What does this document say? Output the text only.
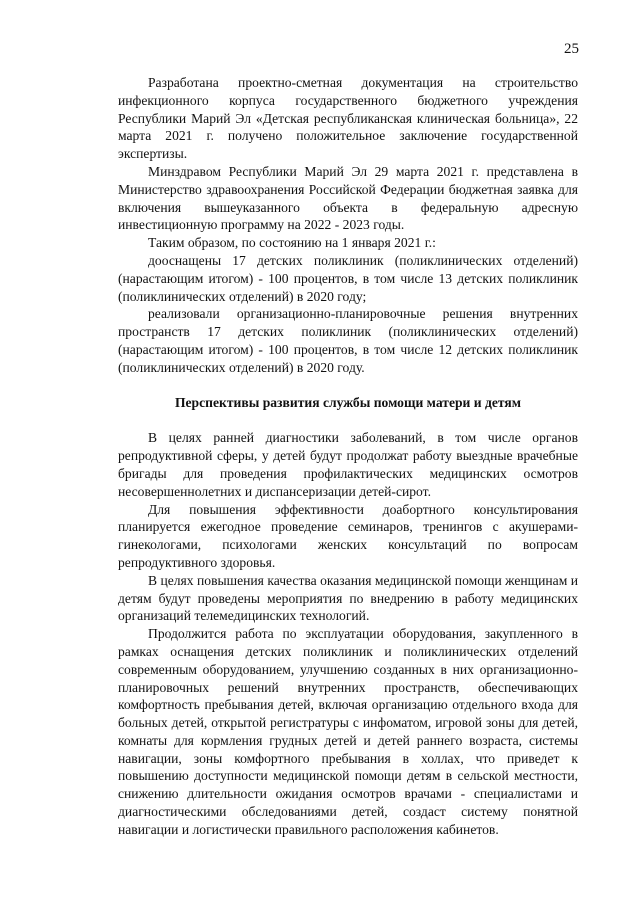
25

Разработана проектно-сметная документация на строительство инфекционного корпуса государственного бюджетного учреждения Республики Марий Эл «Детская республиканская клиническая больница», 22 марта 2021 г. получено положительное заключение государственной экспертизы.

Минздравом Республики Марий Эл 29 марта 2021 г. представлена в Министерство здравоохранения Российской Федерации бюджетная заявка для включения вышеуказанного объекта в федеральную адресную инвестиционную программу на 2022 - 2023 годы.

Таким образом, по состоянию на 1 января 2021 г.:

дооснащены 17 детских поликлиник (поликлинических отделений) (нарастающим итогом) - 100 процентов, в том числе 13 детских поликлиник (поликлинических отделений) в 2020 году;

реализовали организационно-планировочные решения внутренних пространств 17 детских поликлиник (поликлинических отделений) (нарастающим итогом) - 100 процентов, в том числе 12 детских поликлиник (поликлинических отделений) в 2020 году.

Перспективы развития службы помощи матери и детям

В целях ранней диагностики заболеваний, в том числе органов репродуктивной сферы, у детей будут продолжат работу выездные врачебные бригады для проведения профилактических медицинских осмотров несовершеннолетних и диспансеризации детей-сирот.

Для повышения эффективности доабортного консультирования планируется ежегодное проведение семинаров, тренингов с акушерами-гинекологами, психологами женских консультаций по вопросам репродуктивного здоровья.

В целях повышения качества оказания медицинской помощи женщинам и детям будут проведены мероприятия по внедрению в работу медицинских организаций телемедицинских технологий.

Продолжится работа по эксплуатации оборудования, закупленного в рамках оснащения детских поликлиник и поликлинических отделений современным оборудованием, улучшению созданных в них организационно-планировочных решений внутренних пространств, обеспечивающих комфортность пребывания детей, включая организацию отдельного входа для больных детей, открытой регистратуры с инфоматом, игровой зоны для детей, комнаты для кормления грудных детей и детей раннего возраста, системы навигации, зоны комфортного пребывания в холлах, что приведет к повышению доступности медицинской помощи детям в сельской местности, снижению длительности ожидания осмотров врачами - специалистами и диагностическими обследованиями детей, создаст систему понятной навигации и логистически правильного расположения кабинетов.
